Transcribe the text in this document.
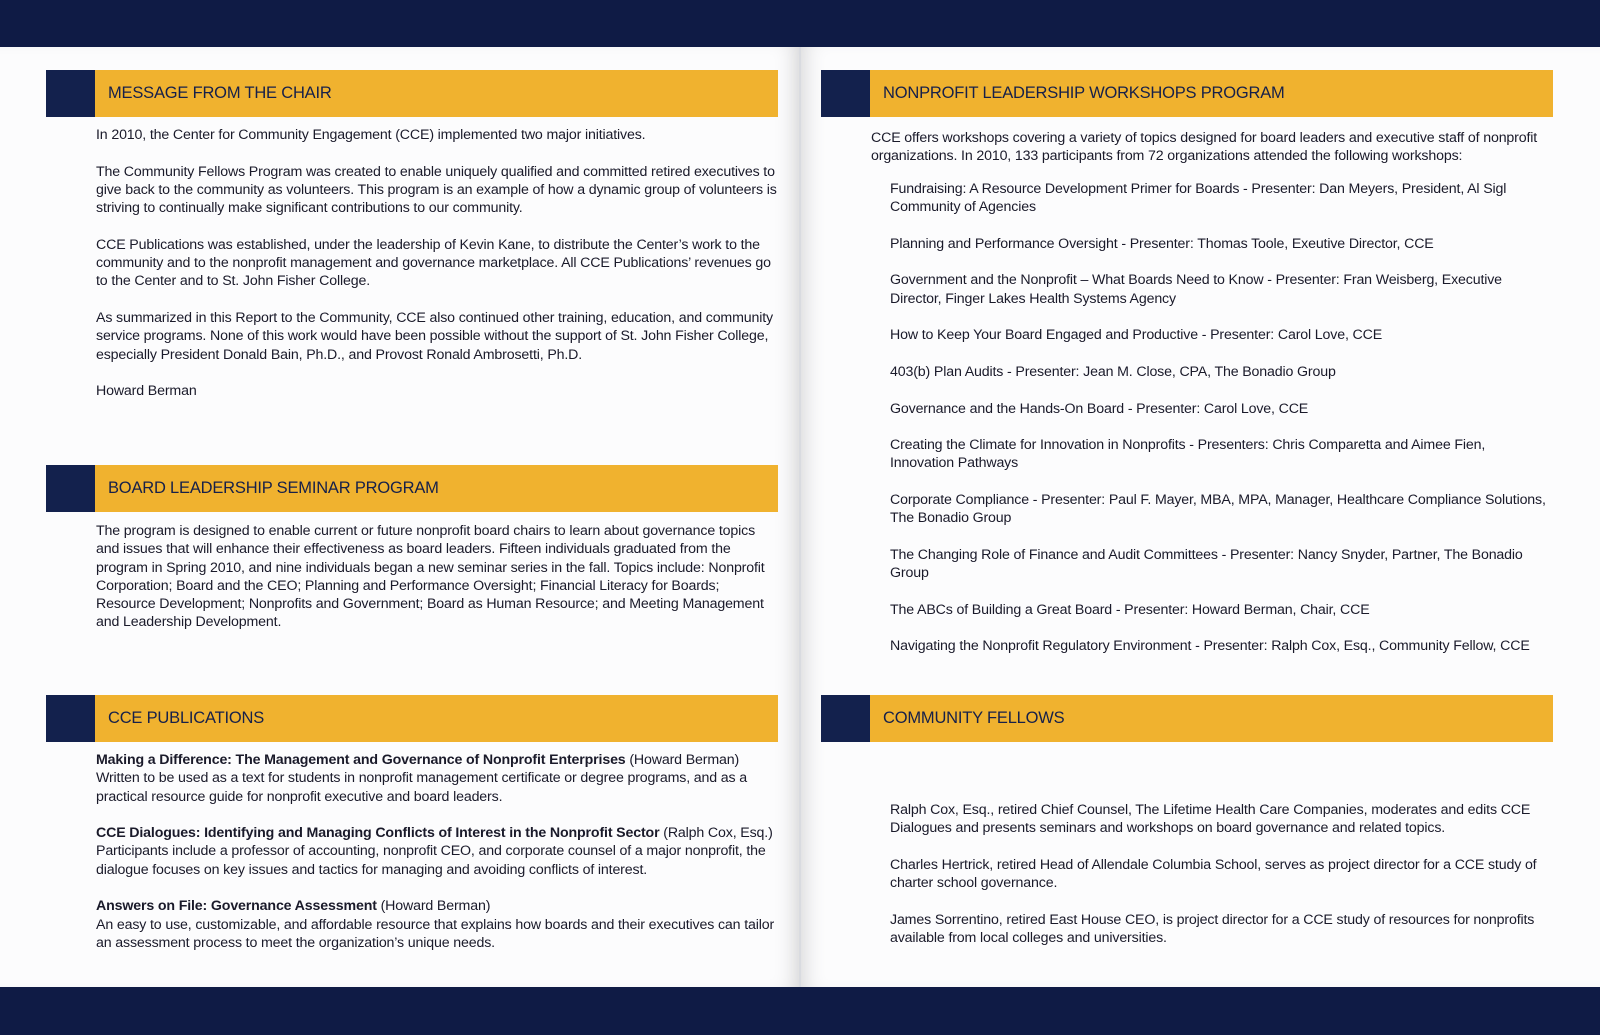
MESSAGE FROM THE CHAIR

In 2010, the Center for Community Engagement (CCE) implemented two major initiatives.

The Community Fellows Program was created to enable uniquely qualified and committed retired executives to give back to the community as volunteers. This program is an example of how a dynamic group of volunteers is striving to continually make significant contributions to our community.

CCE Publications was established, under the leadership of Kevin Kane, to distribute the Center’s work to the community and to the nonprofit management and governance marketplace. All CCE Publications’ revenues go to the Center and to St. John Fisher College.

As summarized in this Report to the Community, CCE also continued other training, education, and community service programs. None of this work would have been possible without the support of St. John Fisher College, especially President Donald Bain, Ph.D., and Provost Ronald Ambrosetti, Ph.D.

Howard Berman

BOARD LEADERSHIP SEMINAR PROGRAM

The program is designed to enable current or future nonprofit board chairs to learn about governance topics and issues that will enhance their effectiveness as board leaders. Fifteen individuals graduated from the program in Spring 2010, and nine individuals began a new seminar series in the fall. Topics include: Nonprofit Corporation; Board and the CEO; Planning and Performance Oversight; Financial Literacy for Boards; Resource Development; Nonprofits and Government; Board as Human Resource; and Meeting Management and Leadership Development.

CCE PUBLICATIONS
Making a Difference: The Management and Governance of Nonprofit Enterprises (Howard Berman)
Written to be used as a text for students in nonprofit management certificate or degree programs, and as a practical resource guide for nonprofit executive and board leaders.
CCE Dialogues: Identifying and Managing Conflicts of Interest in the Nonprofit Sector (Ralph Cox, Esq.)
Participants include a professor of accounting, nonprofit CEO, and corporate counsel of a major nonprofit, the dialogue focuses on key issues and tactics for managing and avoiding conflicts of interest.
Answers on File: Governance Assessment (Howard Berman)
An easy to use, customizable, and affordable resource that explains how boards and their executives can tailor an assessment process to meet the organization’s unique needs.
NONPROFIT LEADERSHIP WORKSHOPS PROGRAM

CCE offers workshops covering a variety of topics designed for board leaders and executive staff of nonprofit organizations. In 2010, 133 participants from 72 organizations attended the following workshops:

Fundraising: A Resource Development Primer for Boards - Presenter: Dan Meyers, President, Al Sigl Community of Agencies
Planning and Performance Oversight - Presenter: Thomas Toole, Exeutive Director, CCE
Government and the Nonprofit – What Boards Need to Know - Presenter: Fran Weisberg, Executive Director, Finger Lakes Health Systems Agency
How to Keep Your Board Engaged and Productive - Presenter: Carol Love, CCE
403(b) Plan Audits - Presenter: Jean M. Close, CPA, The Bonadio Group
Governance and the Hands-On Board - Presenter: Carol Love, CCE
Creating the Climate for Innovation in Nonprofits - Presenters: Chris Comparetta and Aimee Fien, Innovation Pathways
Corporate Compliance - Presenter: Paul F. Mayer, MBA, MPA, Manager, Healthcare Compliance Solutions, The Bonadio Group
The Changing Role of Finance and Audit Committees - Presenter: Nancy Snyder, Partner, The Bonadio Group
The ABCs of Building a Great Board - Presenter: Howard Berman, Chair, CCE
Navigating the Nonprofit Regulatory Environment - Presenter: Ralph Cox, Esq., Community Fellow, CCE
COMMUNITY FELLOWS
Ralph Cox, Esq., retired Chief Counsel, The Lifetime Health Care Companies, moderates and edits CCE Dialogues and presents seminars and workshops on board governance and related topics.
Charles Hertrick, retired Head of Allendale Columbia School, serves as project director for a CCE study of charter school governance.
James Sorrentino, retired East House CEO, is project director for a CCE study of resources for nonprofits available from local colleges and universities.
